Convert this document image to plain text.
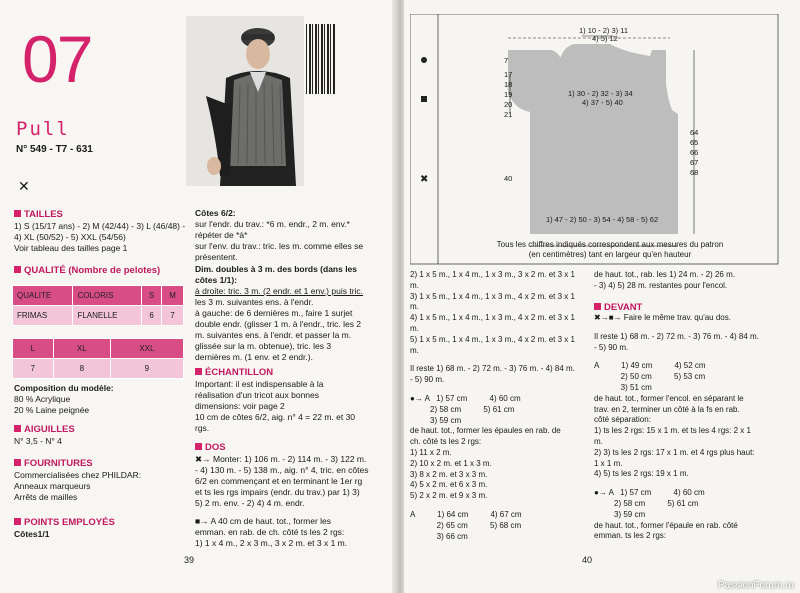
07
Pull
N° 549 - T7 - 631
✕
TAILLES
1) S (15/17 ans) - 2) M (42/44) - 3) L (46/48) -
4) XL (50/52) - 5) XXL (54/56)
Voir tableau des tailles page 1
QUALITÉ (Nombre de pelotes)
QUALITE	COLORIS	S	M
FRIMAS	FLANELLE	6	7
L	XL	XXL
7	8	9
Composition du modèle:
80 % Acrylique
20 % Laine peignée
AIGUILLES
N° 3,5 - N° 4
FOURNITURES
Commercialisées chez PHILDAR:
Anneaux marqueurs
Arrêts de mailles
POINTS EMPLOYÉS
Côtes1/1
Côtes 6/2:
sur l'endr. du trav.: *6 m. endr., 2 m. env.*
répéter de *à*
sur l'env. du trav.: tric. les m. comme elles se
présentent.
Dim. doubles à 3 m. des bords (dans les côtes 1/1):
à droite: tric. 3 m. (2 endr. et 1 env.) puis tric.
les 3 m. suivantes ens. à l'endr.
à gauche: de 6 dernières m., faire 1 surjet
double endr. (glisser 1 m. à l'endr., tric. les 2
m. suivantes ens. à l'endr. et passer la m.
glissée sur la m. obtenue), tric. les 3
dernières m. (1 env. et 2 endr.).
ÉCHANTILLON
Important: il est indispensable à la
réalisation d'un tricot aux bonnes
dimensions: voir page 2
10 cm de côtes 6/2, aig. n° 4 = 22 m. et 30
rgs.
DOS
✖→ Monter: 1) 106 m. - 2) 114 m. - 3) 122 m.
- 4) 130 m. - 5) 138 m., aig. n° 4, tric. en côtes
6/2 en commençant et en terminant le 1er rg
et ts les rgs impairs (endr. du trav.) par 1) 3)
5) 2 m. env. - 2) 4) 4 m. endr.
■→ A 40 cm de haut. tot., former les
emman. en rab. de ch. côté ts les 2 rgs:
1) 1 x 4 m., 2 x 3 m., 3 x 2 m. et 3 x 1 m.
39
✖
1) 10 - 2) 3) 11
4) 5) 12
1) 30 - 2) 32 - 3) 34
4) 37 - 5) 40
7
17
18
19
20
21
40
64
65
66
67
68
1) 47 - 2) 50 - 3) 54 - 4) 58 - 5) 62
Tous les chiffres indiqués correspondent aux mesures du patron
(en centimètres) tant en largeur qu'en hauteur
2) 1 x 5 m., 1 x 4 m., 1 x 3 m., 3 x 2 m. et 3 x 1
m.
3) 1 x 5 m., 1 x 4 m., 1 x 3 m., 4 x 2 m. et 3 x 1
m.
4) 1 x 5 m., 1 x 4 m., 1 x 3 m., 4 x 2 m. et 3 x 1
m.
5) 1 x 5 m., 1 x 4 m., 1 x 3 m., 4 x 2 m. et 3 x 1
m.
Il reste 1) 68 m. - 2) 72 m. - 3) 76 m. - 4) 84 m.
- 5) 90 m.
●→ A   1) 57 cm          4) 60 cm
2) 58 cm          5) 61 cm
3) 59 cm
de haut. tot., former les épaules en rab. de
ch. côté ts les 2 rgs:
1) 11 x 2 m.
2) 10 x 2 m. et 1 x 3 m.
3) 8 x 2 m. et 3 x 3 m.
4) 5 x 2 m. et 6 x 3 m.
5) 2 x 2 m. et 9 x 3 m.
A          1) 64 cm          4) 67 cm
2) 65 cm          5) 68 cm
3) 66 cm
de haut. tot., rab. les 1) 24 m. - 2) 26 m.
- 3) 4) 5) 28 m. restantes pour l'encol.
DEVANT
✖→■→ Faire le même trav. qu'au dos.
Il reste 1) 68 m. - 2) 72 m. - 3) 76 m. - 4) 84 m.
- 5) 90 m.
A          1) 49 cm          4) 52 cm
2) 50 cm          5) 53 cm
3) 51 cm
de haut. tot., former l'encol. en séparant le
trav. en 2, terminer un côté à la fs en rab.
côté séparation:
1) ts les 2 rgs: 15 x 1 m. et ts les 4 rgs: 2 x 1
m.
2) 3) ts les 2 rgs: 17 x 1 m. et 4 rgs plus haut:
1 x 1 m.
4) 5) ts les 2 rgs: 19 x 1 m.
●→ A   1) 57 cm          4) 60 cm
2) 58 cm          5) 61 cm
3) 59 cm
de haut. tot., former l'épaule en rab. côté
emman. ts les 2 rgs:
40
PassionForum.ru
